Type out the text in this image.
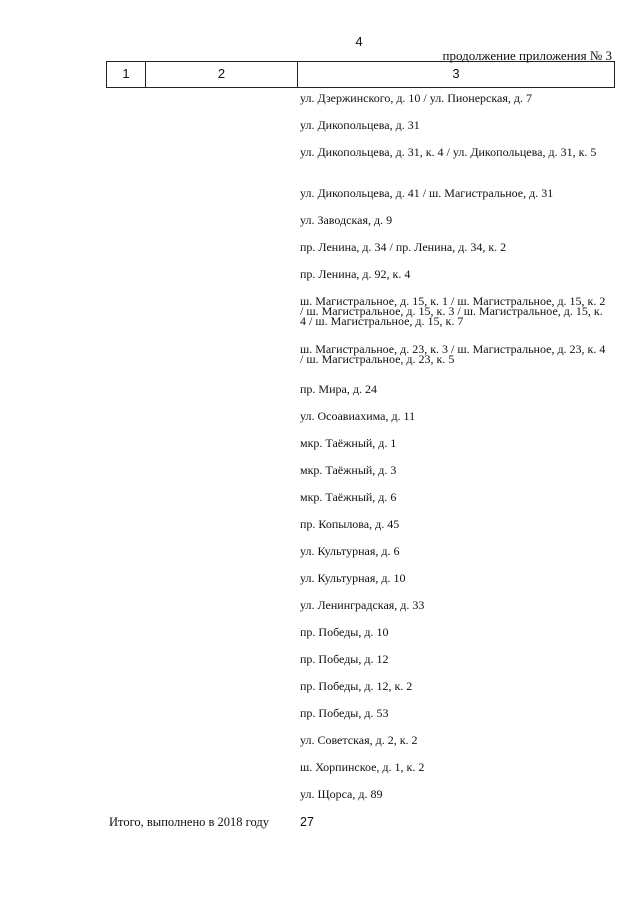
4
продолжение приложения № 3
1	2	3
ул. Дзержинского, д. 10 / ул. Пионерская, д. 7
ул. Дикопольцева, д. 31
ул. Дикопольцева, д. 31, к. 4 / ул. Дикопольцева, д. 31, к. 5
ул. Дикопольцева, д. 41 / ш. Магистральное, д. 31
ул. Заводская, д. 9
пр. Ленина, д. 34 / пр. Ленина, д. 34, к. 2
пр. Ленина, д. 92, к. 4
ш. Магистральное, д. 15, к. 1 / ш. Магистральное, д. 15, к. 2 / ш. Магистральное, д. 15, к. 3 / ш. Магистральное, д. 15, к. 4 / ш. Магистральное, д. 15, к. 7
ш. Магистральное, д. 23, к. 3 / ш. Магистральное, д. 23, к. 4 / ш. Магистральное, д. 23, к. 5
пр. Мира, д. 24
ул. Осоавиахима, д. 11
мкр. Таёжный, д. 1
мкр. Таёжный, д. 3
мкр. Таёжный, д. 6
пр. Копылова, д. 45
ул. Культурная, д. 6
ул. Культурная, д. 10
ул. Ленинградская, д. 33
пр. Победы, д. 10
пр. Победы, д. 12
пр. Победы, д. 12, к. 2
пр. Победы, д. 53
ул. Советская, д. 2, к. 2
ш. Хорпинское, д. 1, к. 2
ул. Щорса, д. 89
Итого, выполнено в 2018 году 27
